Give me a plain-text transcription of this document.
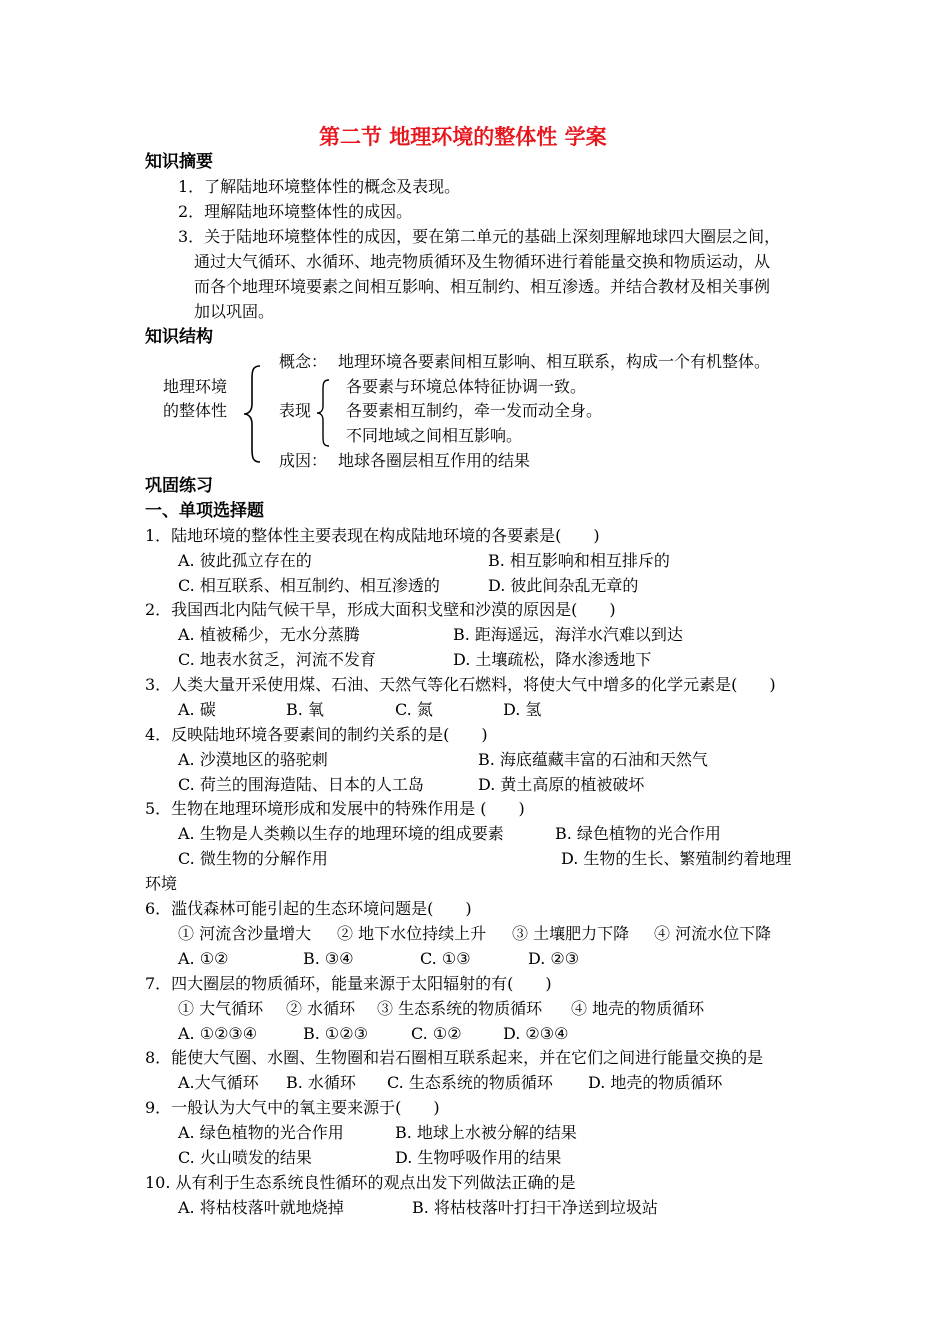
第二节 地理环境的整体性 学案
知识摘要
1．了解陆地环境整体性的概念及表现。
2．理解陆地环境整体性的成因。
3．关于陆地环境整体性的成因，要在第二单元的基础上深刻理解地球四大圈层之间，
通过大气循环、水循环、地壳物质循环及生物循环进行着能量交换和物质运动，从
而各个地理环境要素之间相互影响、相互制约、相互渗透。并结合教材及相关事例
加以巩固。
知识结构
地理环境
的整体性
概念： 地理环境各要素间相互影响、相互联系，构成一个有机整体。
表现
各要素与环境总体特征协调一致。
各要素相互制约，牵一发而动全身。
不同地域之间相互影响。
成因： 地球各圈层相互作用的结果
巩固练习
一、单项选择题
1．陆地环境的整体性主要表现在构成陆地环境的各要素是(　　)
A. 彼此孤立存在的	B. 相互影响和相互排斥的
C. 相互联系、相互制约、相互渗透的	D. 彼此间杂乱无章的
2．我国西北内陆气候干旱，形成大面积戈壁和沙漠的原因是(　　)
A. 植被稀少，无水分蒸腾	B. 距海遥远，海洋水汽难以到达
C. 地表水贫乏，河流不发育	D. 土壤疏松，降水渗透地下
3．人类大量开采使用煤、石油、天然气等化石燃料，将使大气中增多的化学元素是(　　)
A. 碳	B. 氧	C. 氮	D. 氢
4．反映陆地环境各要素间的制约关系的是(　　)
A. 沙漠地区的骆驼刺	B. 海底蕴藏丰富的石油和天然气
C. 荷兰的围海造陆、日本的人工岛	D. 黄土高原的植被破坏
5．生物在地理环境形成和发展中的特殊作用是 (　　)
A. 生物是人类赖以生存的地理环境的组成要素	B. 绿色植物的光合作用
C. 微生物的分解作用	D. 生物的生长、繁殖制约着地理
环境
6．滥伐森林可能引起的生态环境问题是(　　)
① 河流含沙量增大 ② 地下水位持续上升 ③ 土壤肥力下降 ④ 河流水位下降
A. ①②	B. ③④	C. ①③	D. ②③
7．四大圈层的物质循环，能量来源于太阳辐射的有(　　)
① 大气循环 ② 水循环 ③ 生态系统的物质循环 ④ 地壳的物质循环
A. ①②③④	B. ①②③	C. ①②	D. ②③④
8．能使大气圈、水圈、生物圈和岩石圈相互联系起来，并在它们之间进行能量交换的是
A.大气循环 B. 水循环 C. 生态系统的物质循环 D. 地壳的物质循环
9．一般认为大气中的氧主要来源于(　　)
A. 绿色植物的光合作用	B. 地球上水被分解的结果
C. 火山喷发的结果	D. 生物呼吸作用的结果
10. 从有利于生态系统良性循环的观点出发下列做法正确的是
A. 将枯枝落叶就地烧掉	B. 将枯枝落叶打扫干净送到垃圾站
